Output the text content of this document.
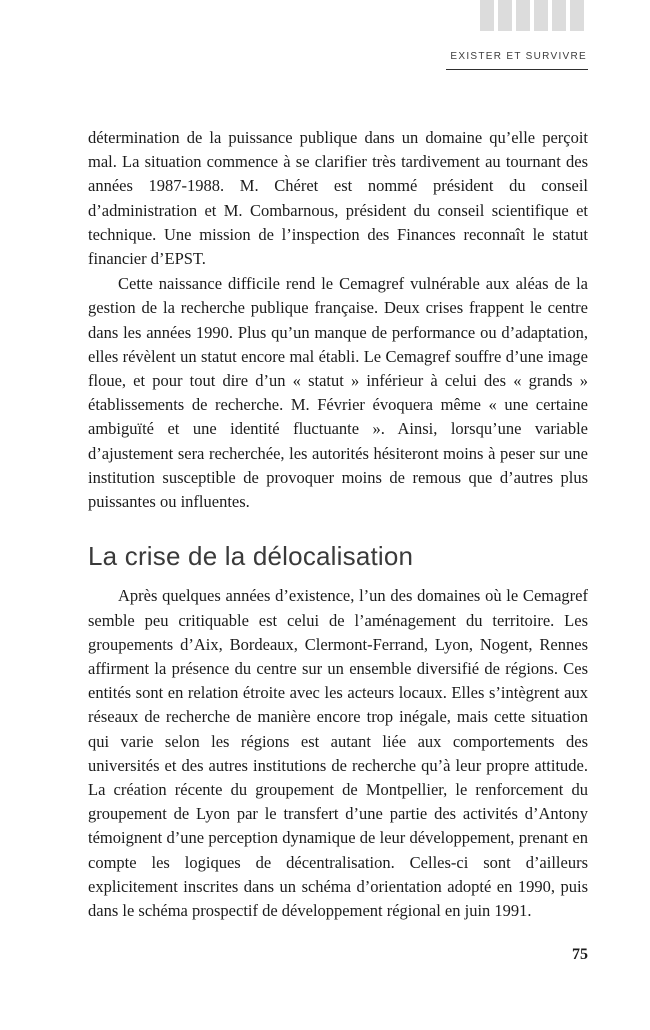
EXISTER ET SURVIVRE

détermination de la puissance publique dans un domaine qu’elle perçoit mal. La situation commence à se clarifier très tardivement au tournant des années 1987-1988. M. Chéret est nommé président du conseil d’administration et M. Combarnous, président du conseil scientifique et technique. Une mission de l’inspection des Finances reconnaît le statut financier d’EPST.

Cette naissance difficile rend le Cemagref vulnérable aux aléas de la gestion de la recherche publique française. Deux crises frappent le centre dans les années 1990. Plus qu’un manque de performance ou d’adaptation, elles révèlent un statut encore mal établi. Le Cemagref souffre d’une image floue, et pour tout dire d’un « statut » inférieur à celui des « grands » établissements de recherche. M. Février évoquera même « une certaine ambiguïté et une identité fluctuante ». Ainsi, lorsqu’une variable d’ajustement sera recherchée, les autorités hésiteront moins à peser sur une institution susceptible de provoquer moins de remous que d’autres plus puissantes ou influentes.

La crise de la délocalisation

Après quelques années d’existence, l’un des domaines où le Cemagref semble peu critiquable est celui de l’aménagement du territoire. Les groupements d’Aix, Bordeaux, Clermont-Ferrand, Lyon, Nogent, Rennes affirment la présence du centre sur un ensemble diversifié de régions. Ces entités sont en relation étroite avec les acteurs locaux. Elles s’intègrent aux réseaux de recherche de manière encore trop inégale, mais cette situation qui varie selon les régions est autant liée aux comportements des universités et des autres institutions de recherche qu’à leur propre attitude. La création récente du groupement de Montpellier, le renforcement du groupement de Lyon par le transfert d’une partie des activités d’Antony témoignent d’une perception dynamique de leur développement, prenant en compte les logiques de décentralisation. Celles-ci sont d’ailleurs explicitement inscrites dans un schéma d’orientation adopté en 1990, puis dans le schéma prospectif de développement régional en juin 1991.

75
